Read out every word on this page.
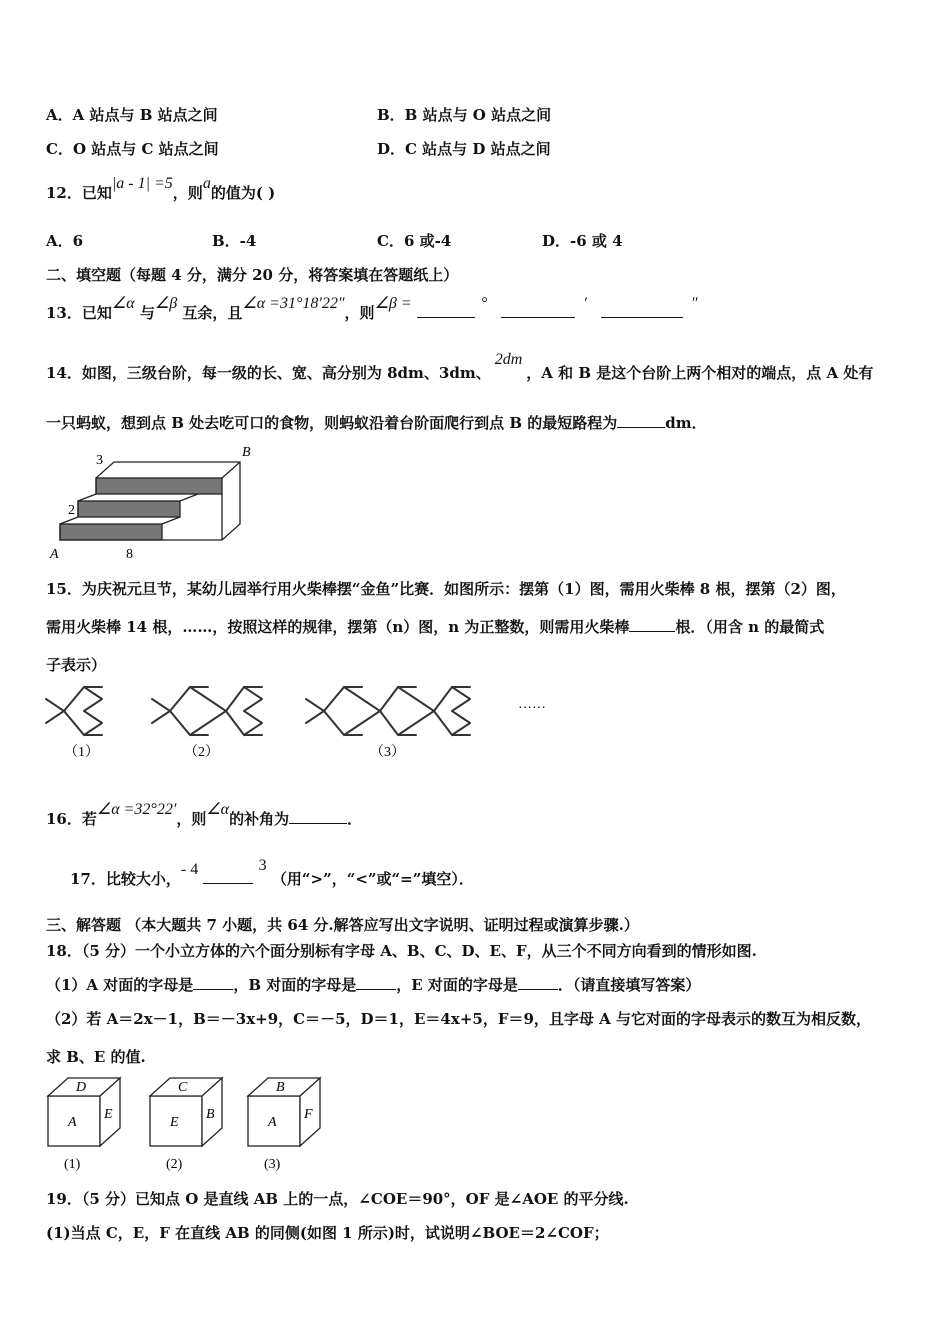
A．A 站点与 B 站点之间	B．B 站点与 O 站点之间
C．O 站点与 C 站点之间	D．C 站点与 D 站点之间
12．已知|a - 1| =5，则a的值为( )
A．6	B．-4	C．6 或-4	D．-6 或 4
二、填空题（每题 4 分，满分 20 分，将答案填在答题纸上）
13．已知∠α 与∠β 互余，且∠α =31°18′22″，则∠β =	°	′	″
14．如图，三级台阶，每一级的长、宽、高分别为 8dm、3dm、2dm，A 和 B 是这个台阶上两个相对的端点，点 A 处有
一只蚂蚁，想到点 B 处去吃可口的食物，则蚂蚁沿着台阶面爬行到点 B 的最短路程为	dm．
B
A
3
2
8
15．为庆祝元旦节，某幼儿园举行用火柴棒摆“金鱼”比赛．如图所示：摆第（1）图，需用火柴棒 8 根，摆第（2）图，
需用火柴棒 14 根，……，按照这样的规律，摆第（n）图，n 为正整数，则需用火柴棒	根．（用含 n 的最简式
子表示）
（1）	（2）	（3）
……
16．若∠α =32°22′，则∠α的补角为	．
17．比较大小，- 4	3 （用“>”，“<”或“=”填空）．
三、解答题 （本大题共 7 小题，共 64 分.解答应写出文字说明、证明过程或演算步骤.）
18．（5 分）一个小立方体的六个面分别标有字母 A、B、C、D、E、F，从三个不同方向看到的情形如图.
（1）A 对面的字母是	，B 对面的字母是	，E 对面的字母是	．（请直接填写答案）
（2）若 A＝2x－1，B＝－3x+9，C＝－5，D＝1，E＝4x+5，F＝9，且字母 A 与它对面的字母表示的数互为相反数，
求 B、E 的值.
D
A
E
(1)
C
E
B
(2)
B
A
F
(3)
19．（5 分）已知点 O 是直线 AB 上的一点，∠COE＝90°，OF 是∠AOE 的平分线.
(1)当点 C，E，F 在直线 AB 的同侧(如图 1 所示)时，试说明∠BOE＝2∠COF；
